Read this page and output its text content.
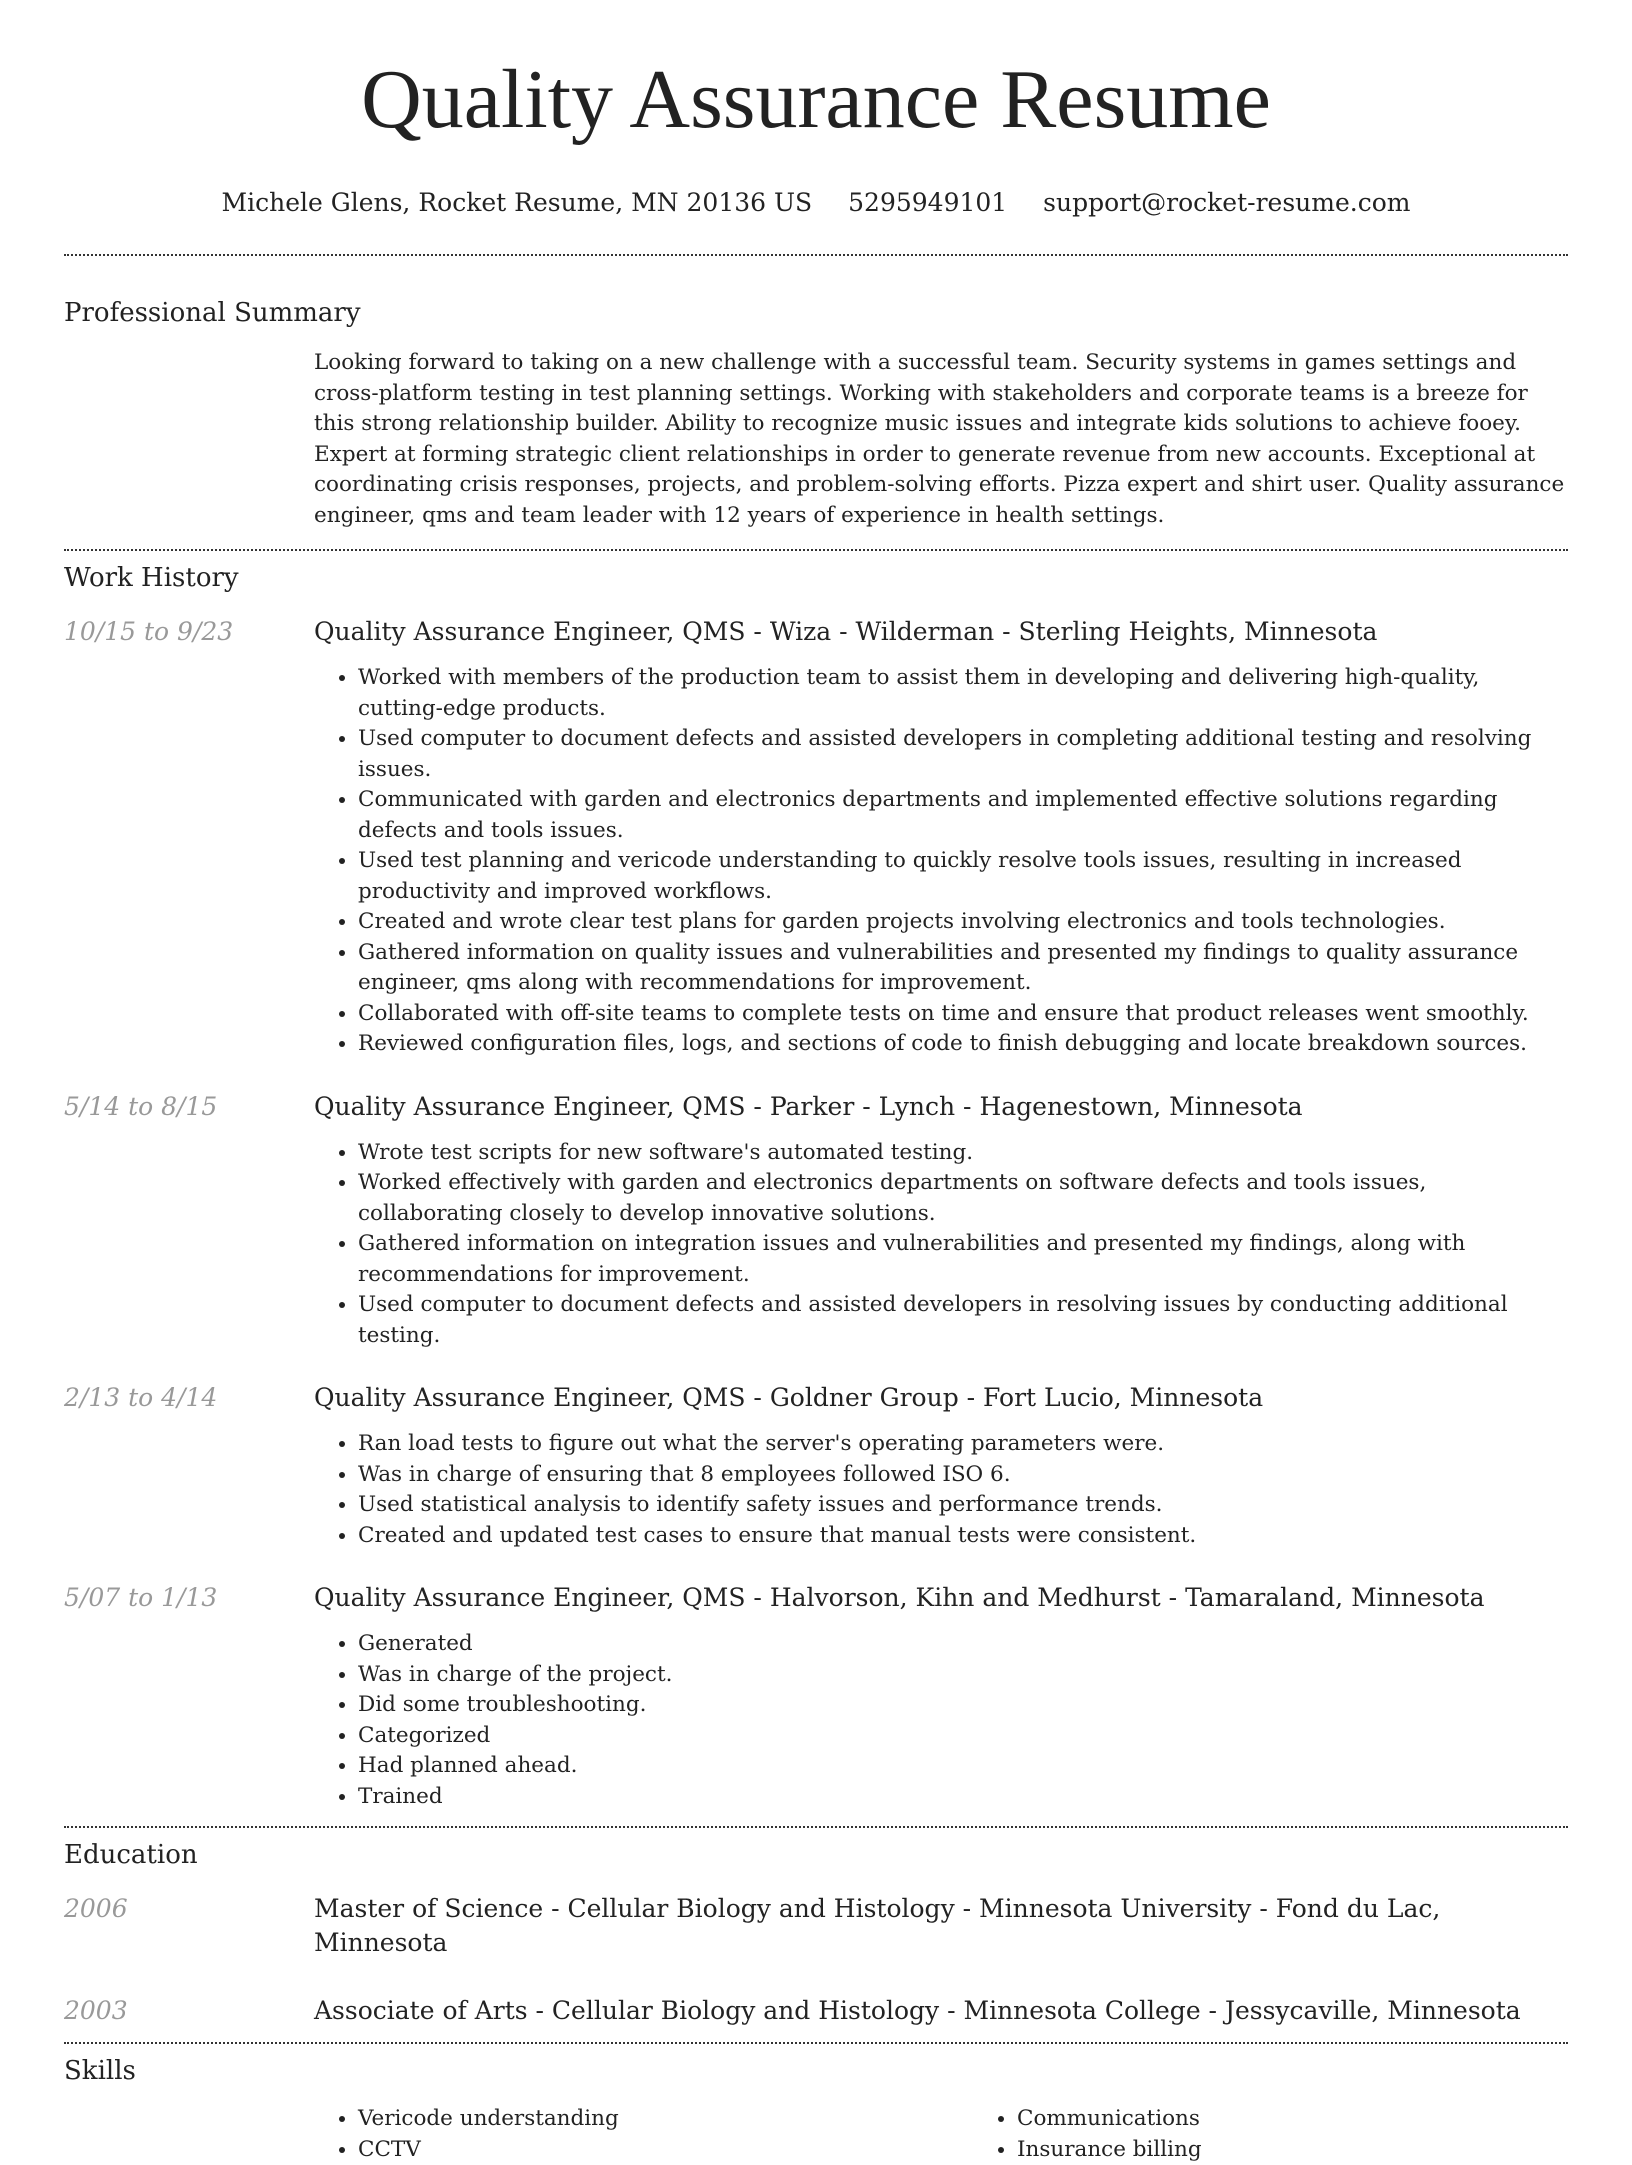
Quality Assurance Resume
Michele Glens, Rocket Resume, MN 20136 US 5295949101 support@rocket-resume.com
Professional Summary

Looking forward to taking on a new challenge with a successful team. Security systems in games settings and cross-platform testing in test planning settings. Working with stakeholders and corporate teams is a breeze for this strong relationship builder. Ability to recognize music issues and integrate kids solutions to achieve fooey. Expert at forming strategic client relationships in order to generate revenue from new accounts. Exceptional at coordinating crisis responses, projects, and problem-solving efforts. Pizza expert and shirt user. Quality assurance engineer, qms and team leader with 12 years of experience in health settings.

Work History
10/15 to 9/23	Quality Assurance Engineer, QMS - Wiza - Wilderman - Sterling Heights, Minnesota
• Worked with members of the production team to assist them in developing and delivering high-quality, cutting-edge products.
• Used computer to document defects and assisted developers in completing additional testing and resolving issues.
• Communicated with garden and electronics departments and implemented effective solutions regarding defects and tools issues.
• Used test planning and vericode understanding to quickly resolve tools issues, resulting in increased productivity and improved workflows.
• Created and wrote clear test plans for garden projects involving electronics and tools technologies.
• Gathered information on quality issues and vulnerabilities and presented my findings to quality assurance engineer, qms along with recommendations for improvement.
• Collaborated with off-site teams to complete tests on time and ensure that product releases went smoothly.
• Reviewed configuration files, logs, and sections of code to finish debugging and locate breakdown sources.
5/14 to 8/15	Quality Assurance Engineer, QMS - Parker - Lynch - Hagenestown, Minnesota
• Wrote test scripts for new software's automated testing.
• Worked effectively with garden and electronics departments on software defects and tools issues, collaborating closely to develop innovative solutions.
• Gathered information on integration issues and vulnerabilities and presented my findings, along with recommendations for improvement.
• Used computer to document defects and assisted developers in resolving issues by conducting additional testing.
2/13 to 4/14	Quality Assurance Engineer, QMS - Goldner Group - Fort Lucio, Minnesota
• Ran load tests to figure out what the server's operating parameters were.
• Was in charge of ensuring that 8 employees followed ISO 6.
• Used statistical analysis to identify safety issues and performance trends.
• Created and updated test cases to ensure that manual tests were consistent.
5/07 to 1/13	Quality Assurance Engineer, QMS - Halvorson, Kihn and Medhurst - Tamaraland, Minnesota
• Generated
• Was in charge of the project.
• Did some troubleshooting.
• Categorized
• Had planned ahead.
• Trained
Education
2006	Master of Science - Cellular Biology and Histology - Minnesota University - Fond du Lac, Minnesota
2003	Associate of Arts - Cellular Biology and Histology - Minnesota College - Jessycaville, Minnesota
Skills
• Vericode understanding
• CCTV
• Communications
• Insurance billing
